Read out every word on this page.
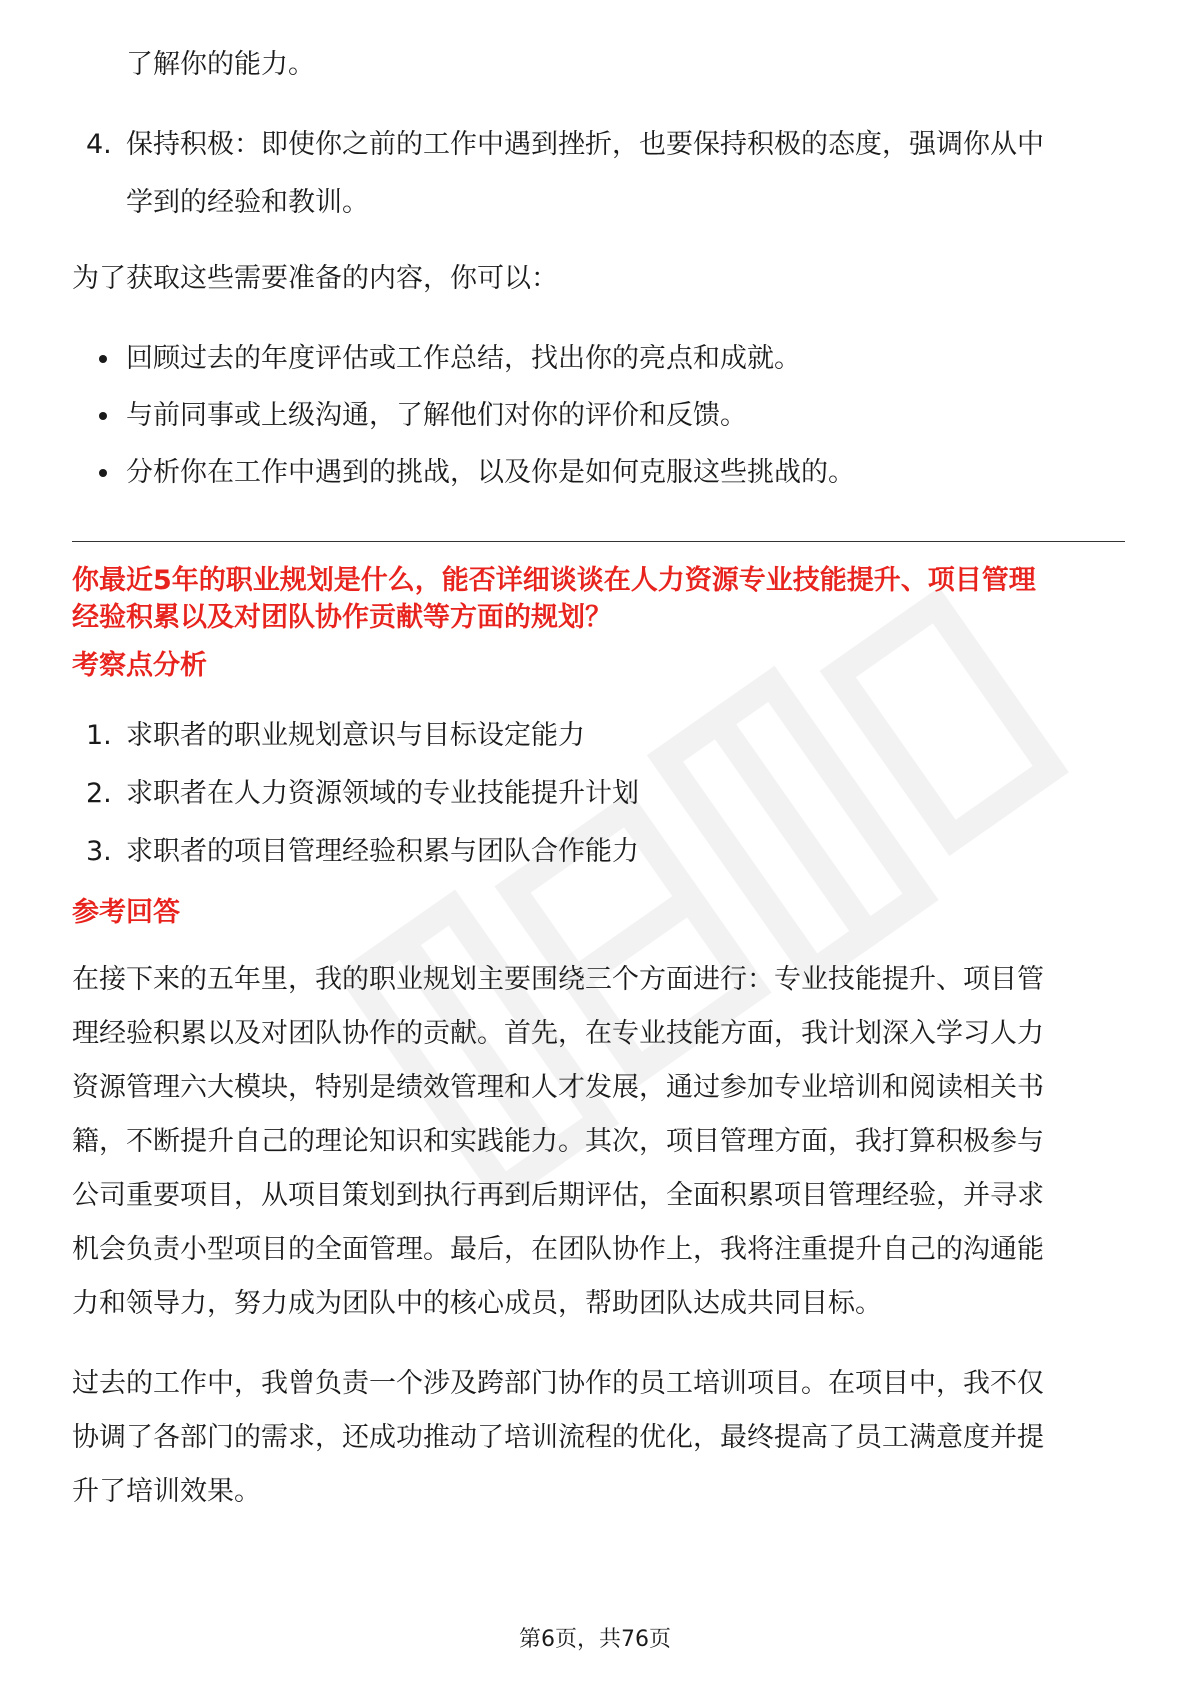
了解你的能力。

4. 保持积极：即使你之前的工作中遇到挫折，也要保持积极的态度，强调你从中
学到的经验和教训。

为了获取这些需要准备的内容，你可以：

回顾过去的年度评估或工作总结，找出你的亮点和成就。
与前同事或上级沟通，了解他们对你的评价和反馈。
分析你在工作中遇到的挑战，以及你是如何克服这些挑战的。

你最近5年的职业规划是什么，能否详细谈谈在人力资源专业技能提升、项目管理

经验积累以及对团队协作贡献等方面的规划？

考察点分析

1. 求职者的职业规划意识与目标设定能力
2. 求职者在人力资源领域的专业技能提升计划
3. 求职者的项目管理经验积累与团队合作能力

参考回答

在接下来的五年里，我的职业规划主要围绕三个方面进行：专业技能提升、项目管

理经验积累以及对团队协作的贡献。首先，在专业技能方面，我计划深入学习人力

资源管理六大模块，特别是绩效管理和人才发展，通过参加专业培训和阅读相关书

籍，不断提升自己的理论知识和实践能力。其次，项目管理方面，我打算积极参与

公司重要项目，从项目策划到执行再到后期评估，全面积累项目管理经验，并寻求

机会负责小型项目的全面管理。最后，在团队协作上，我将注重提升自己的沟通能

力和领导力，努力成为团队中的核心成员，帮助团队达成共同目标。

过去的工作中，我曾负责一个涉及跨部门协作的员工培训项目。在项目中，我不仅

协调了各部门的需求，还成功推动了培训流程的优化，最终提高了员工满意度并提

升了培训效果。

第6页，共76页
